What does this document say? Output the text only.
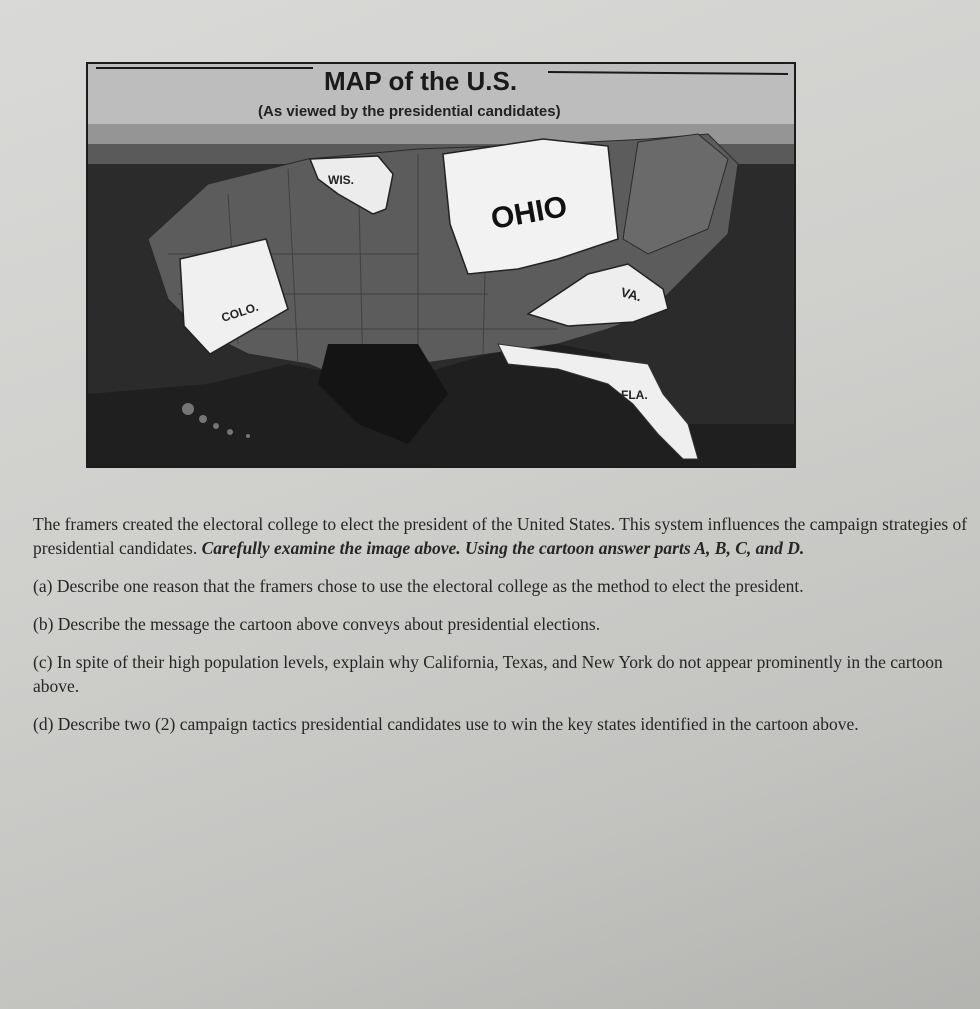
MAP of the U.S.
(As viewed by the presidential candidates)
WIS.
OHIO
COLO.
VA.
FLA.

The framers created the electoral college to elect the president of the United States. This system influences the campaign strategies of presidential candidates. Carefully examine the image above. Using the cartoon answer parts A, B, C, and D.

(a) Describe one reason that the framers chose to use the electoral college as the method to elect the president.

(b) Describe the message the cartoon above conveys about presidential elections.

(c) In spite of their high population levels, explain why California, Texas, and New York do not appear prominently in the cartoon above.

(d) Describe two (2) campaign tactics presidential candidates use to win the key states identified in the cartoon above.
